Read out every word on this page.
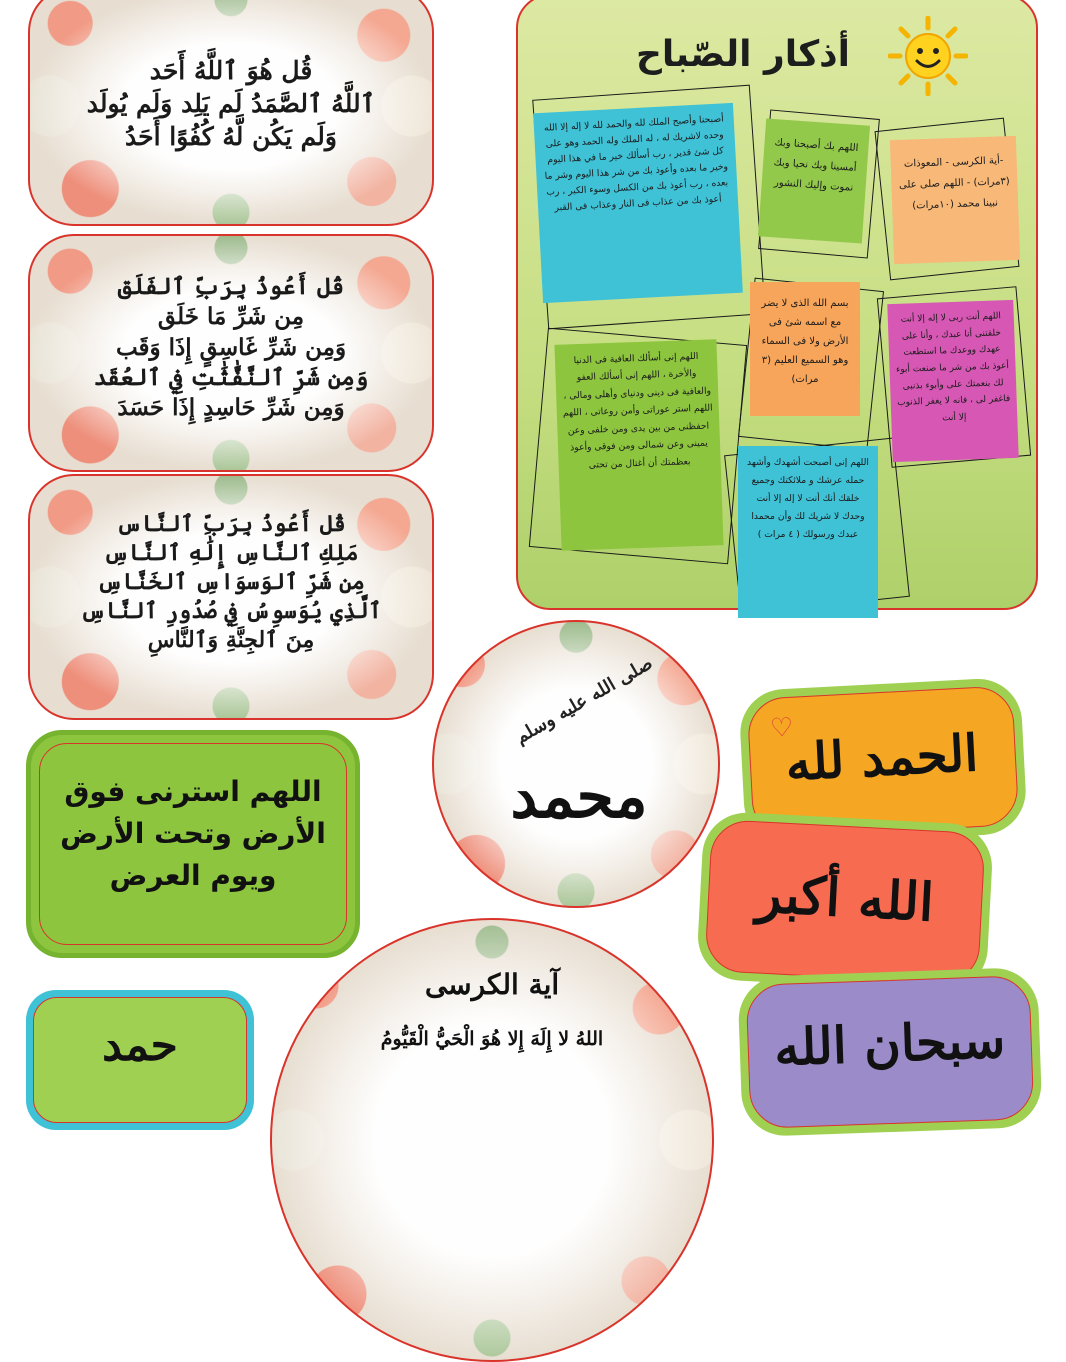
قُل هُوَ ٱللَّهُ أَحَد
ٱللَّهُ ٱلصَّمَدُ لَم يَلِد وَلَم يُولَد
وَلَم يَكُن لَّهُ كُفُوًا أَحَدُ
قُل أَعُوذُ بِرَبِّ ٱلفَلَق
مِن شَرِّ مَا خَلَق
وَمِن شَرِّ غَاسِقٍ إِذَا وَقَب
وَمِن شَرِّ ٱلنَّفَّٰثَٰتِ فِي ٱلعُقَد
وَمِن شَرِّ حَاسِدٍ إِذَا حَسَدَ
قُل أَعُوذُ بِرَبِّ ٱلنَّاس
مَلِكِ ٱلنَّاسِ إِلَٰهِ ٱلنَّاسِ
مِن شَرِّ ٱلوَسوَاسِ ٱلخَنَّاسِ
ٱلَّذِي يُوَسوِسُ فِي صُدُورِ ٱلنَّاسِ
مِنَ ٱلجِنَّةِ وَٱلنَّاسِ
أذكار الصّباح
أصبحنا وأصبح الملك لله والحمد لله لا إله إلا الله وحده لاشريك له ، له الملك وله الحمد وهو على كل شئ قدير ، رب أسألك خير ما في هذا اليوم وخير ما بعده وأعوذ بك من شر هذا اليوم وشر ما بعده ، رب أعوذ بك من الكسل وسوء الكبر ، رب أعوذ بك من عذاب فى النار وعذاب فى القبر
اللهم بك أصبحنا وبك أمسينا وبك نحيا وبك نموت وإليك النشور
-أية الكرسى - المعوذات (٣مرات) - اللهم صلى على نبينا محمد (١٠مرات)
بسم الله الذى لا يضر مع اسمه شئ فى الأرض ولا فى السماء وهو السميع العليم (٣ مرات)
اللهم أنت ربى لا إله إلا أنت خلقتنى أنا عبدك ، وأنا على عهدك ووعدك ما استطعت أعوذ بك من شر ما صنعت أبوء لك بنعمتك على وأبوء بذنبى فاغفر لى ، فانه لا يغفر الذنوب إلا أنت
اللهم إنى أسألك العافية فى الدنيا والأخرة ، اللهم إنى أسألك العفو والعافية فى دينى ودنياى وأهلى ومالى ، اللهم استر عوراتى وأمن روعاتى ، اللهم احفظنى من بين يدى ومن خلفى وعن يمينى وعن شمالى ومن فوقى وأعوذ بعظمتك أن أغتال من تحتى	اللهم إنى أصبحت أشهدك وأشهد حمله عرشك و ملائكتك وجميع خلقك أنك أنت لا إله إلا أنت وحدك لا شريك لك وأن محمدا عبدك ورسولك ( ٤ مرات )
اللهم استرنى فوق
الأرض وتحت الأرض
ويوم العرض
صلى الله عليه وسلم
محمد
♡
الحمد لله
الله أكبر
سبحان الله
آية الكرسى
اللهُ لا إِلَهَ إِلا هُوَ الْحَيُّ الْقَيُّومُ
حمد
